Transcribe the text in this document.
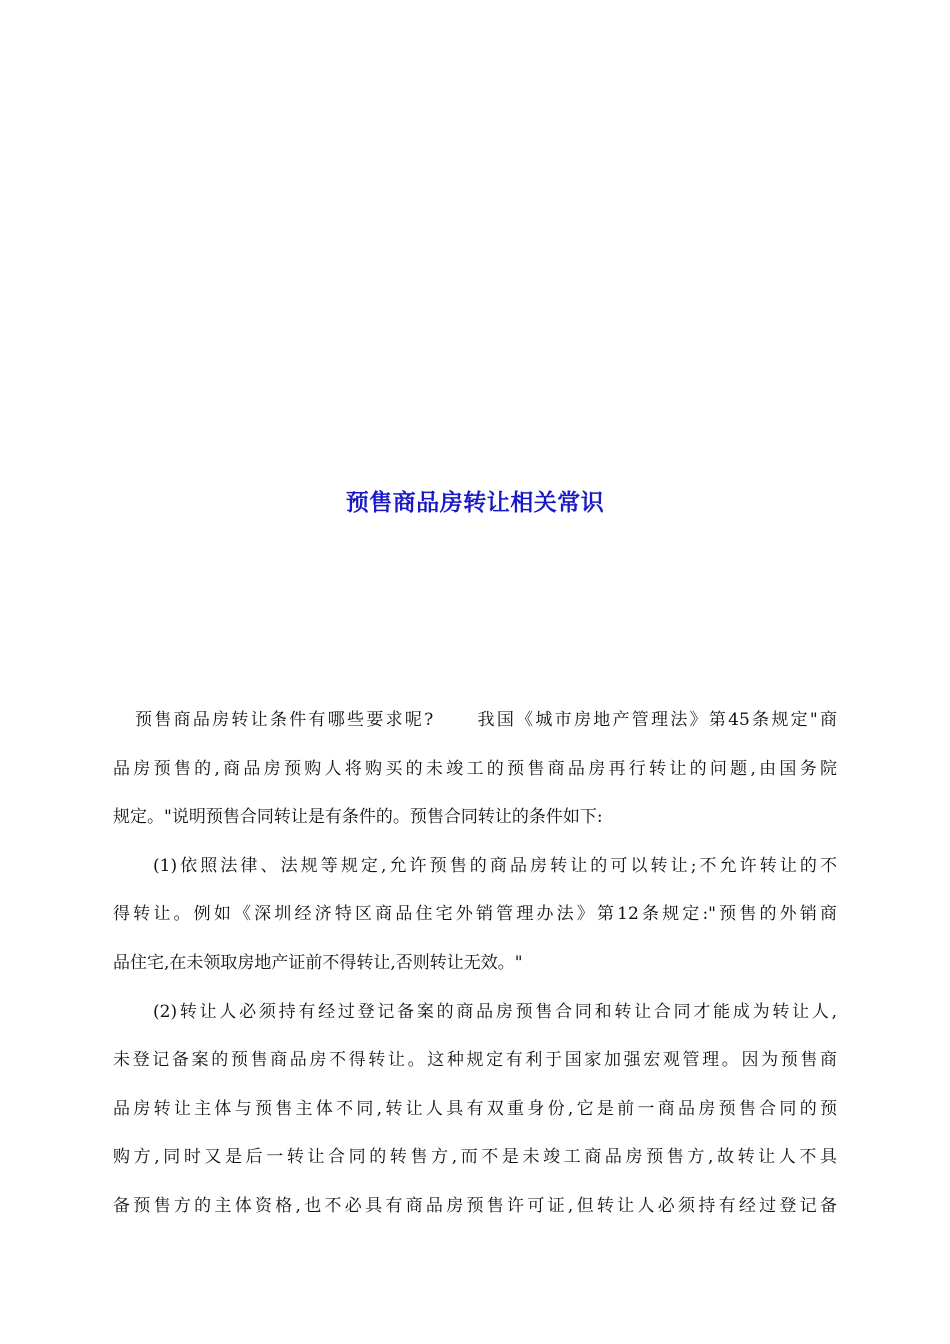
预售商品房转让相关常识
预售商品房转让条件有哪些要求呢? 我国《城市房地产管理法》第45条规定"商
品房预售的,商品房预购人将购买的未竣工的预售商品房再行转让的问题,由国务院
规定。"说明预售合同转让是有条件的。预售合同转让的条件如下:
(1)依照法律、法规等规定,允许预售的商品房转让的可以转让;不允许转让的不
得转让。例如《深圳经济特区商品住宅外销管理办法》第12条规定:"预售的外销商
品住宅,在未领取房地产证前不得转让,否则转让无效。"
(2)转让人必须持有经过登记备案的商品房预售合同和转让合同才能成为转让人,
未登记备案的预售商品房不得转让。这种规定有利于国家加强宏观管理。因为预售商
品房转让主体与预售主体不同,转让人具有双重身份,它是前一商品房预售合同的预
购方,同时又是后一转让合同的转售方,而不是未竣工商品房预售方,故转让人不具
备预售方的主体资格,也不必具有商品房预售许可证,但转让人必须持有经过登记备
